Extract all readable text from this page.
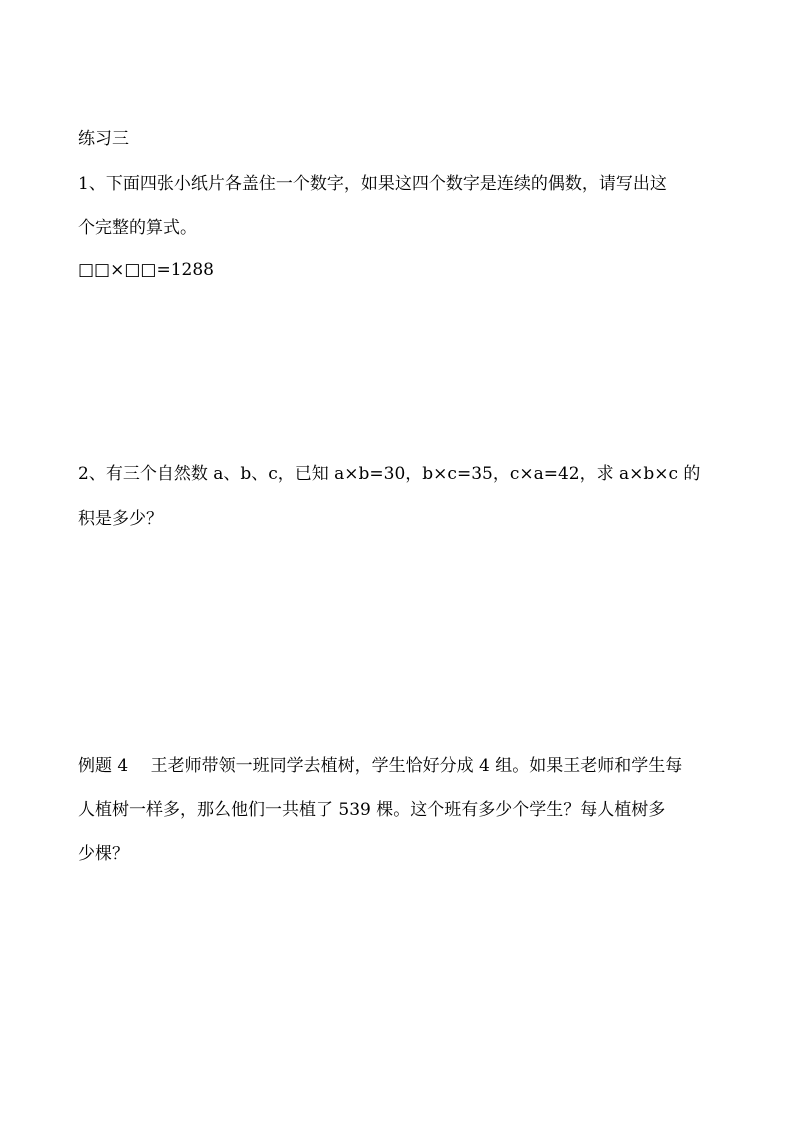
练习三
1、下面四张小纸片各盖住一个数字，如果这四个数字是连续的偶数，请写出这
个完整的算式。
□□×□□=1288
2、有三个自然数 a、b、c，已知 a×b=30，b×c=35，c×a=42，求 a×b×c 的
积是多少？
例题 4　 王老师带领一班同学去植树，学生恰好分成 4 组。如果王老师和学生每
人植树一样多，那么他们一共植了 539 棵。这个班有多少个学生？每人植树多
少棵？
